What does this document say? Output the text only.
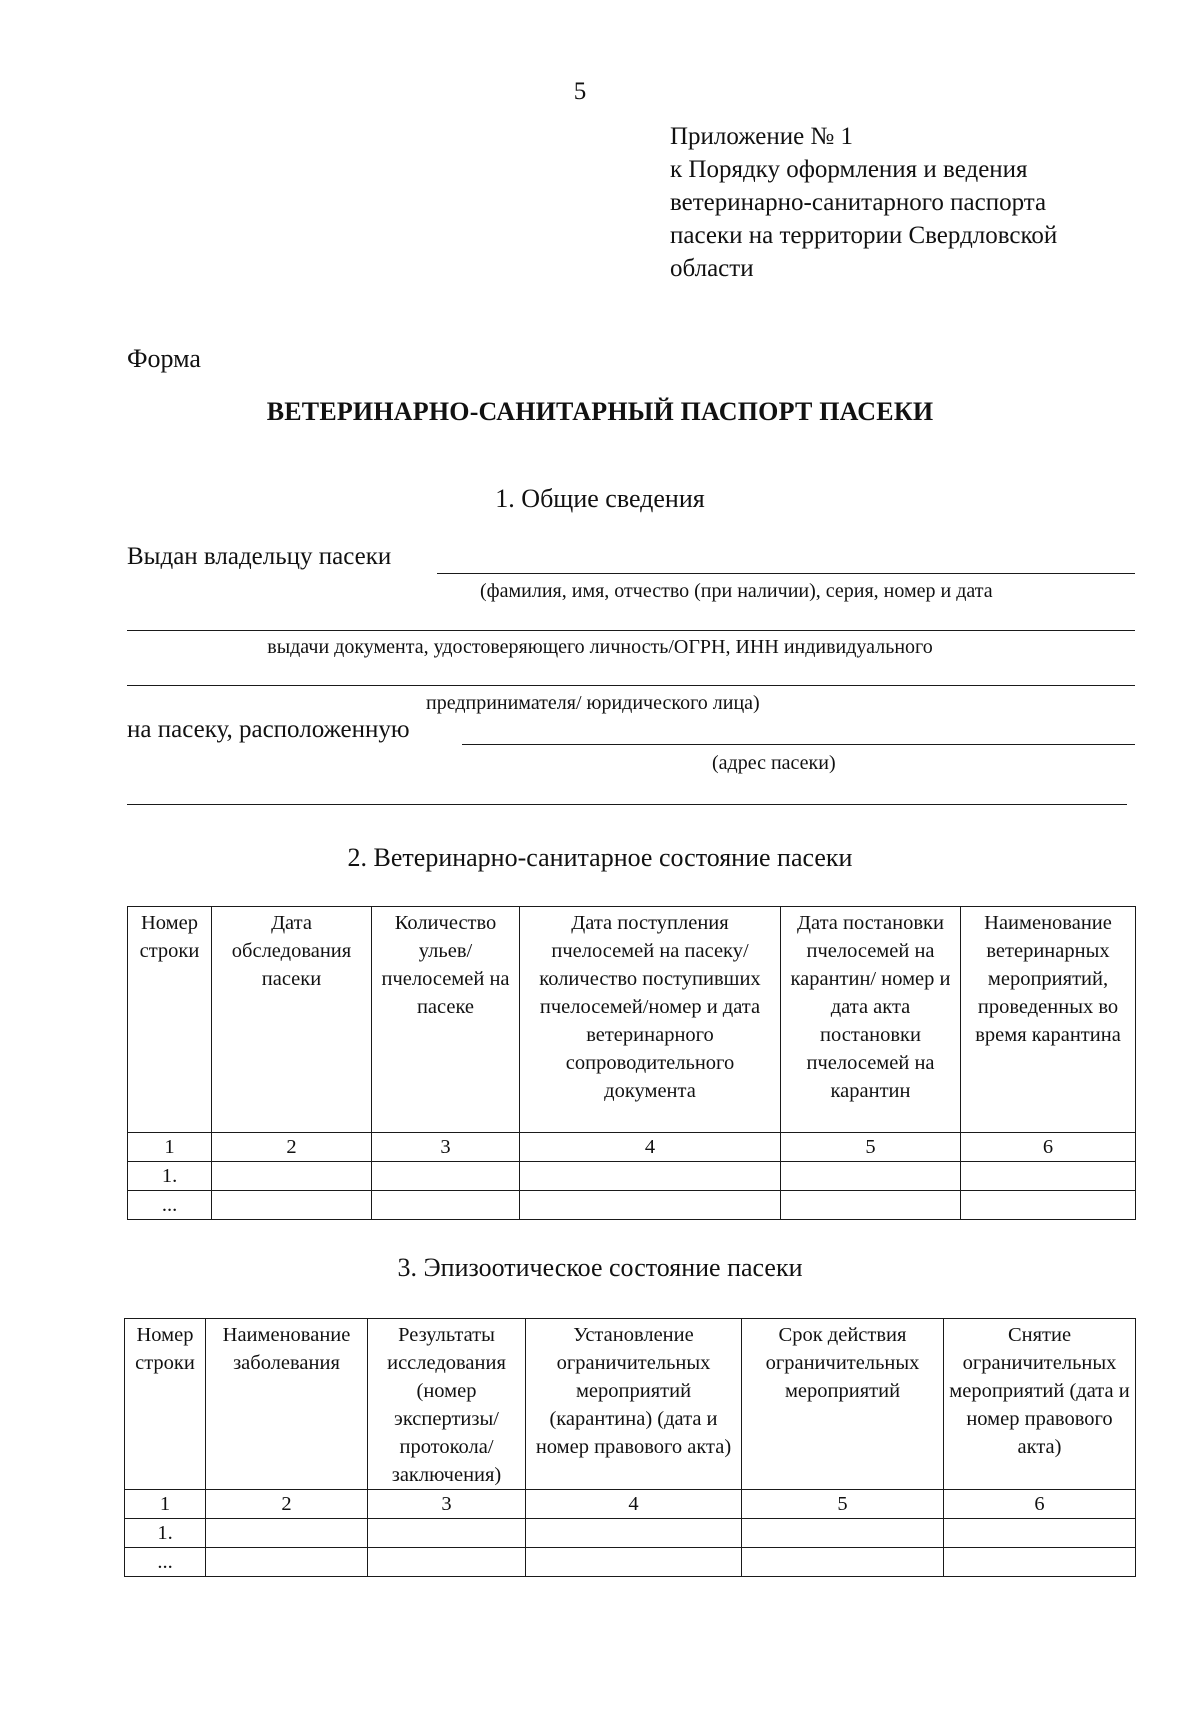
5
Приложение № 1
к Порядку оформления и ведения
ветеринарно-санитарного паспорта
пасеки на территории Свердловской
области
Форма
ВЕТЕРИНАРНО-САНИТАРНЫЙ ПАСПОРТ ПАСЕКИ
1. Общие сведения
Выдан владельцу пасеки
(фамилия, имя, отчество (при наличии), серия, номер и дата
выдачи документа, удостоверяющего личность/ОГРН, ИНН индивидуального
предпринимателя/ юридического лица)
на пасеку, расположенную
(адрес пасеки)
2. Ветеринарно-санитарное состояние пасеки
Номер строки	Дата обследования пасеки	Количество ульев/ пчелосемей на пасеке	Дата поступления пчелосемей на пасеку/количество поступивших пчелосемей/номер и дата ветеринарного сопроводительного документа	Дата постановки пчелосемей на карантин/ номер и дата акта постановки пчелосемей на карантин	Наименование ветеринарных мероприятий, проведенных во время карантина
1	2	3	4	5	6
1.					
...					
3. Эпизоотическое состояние пасеки
Номер строки	Наименование заболевания	Результаты исследования (номер экспертизы/ протокола/ заключения)	Установление ограничительных мероприятий (карантина) (дата и номер правового акта)	Срок действия ограничительных мероприятий	Снятие ограничительных мероприятий (дата и номер правового акта)
1	2	3	4	5	6
1.					
...					
